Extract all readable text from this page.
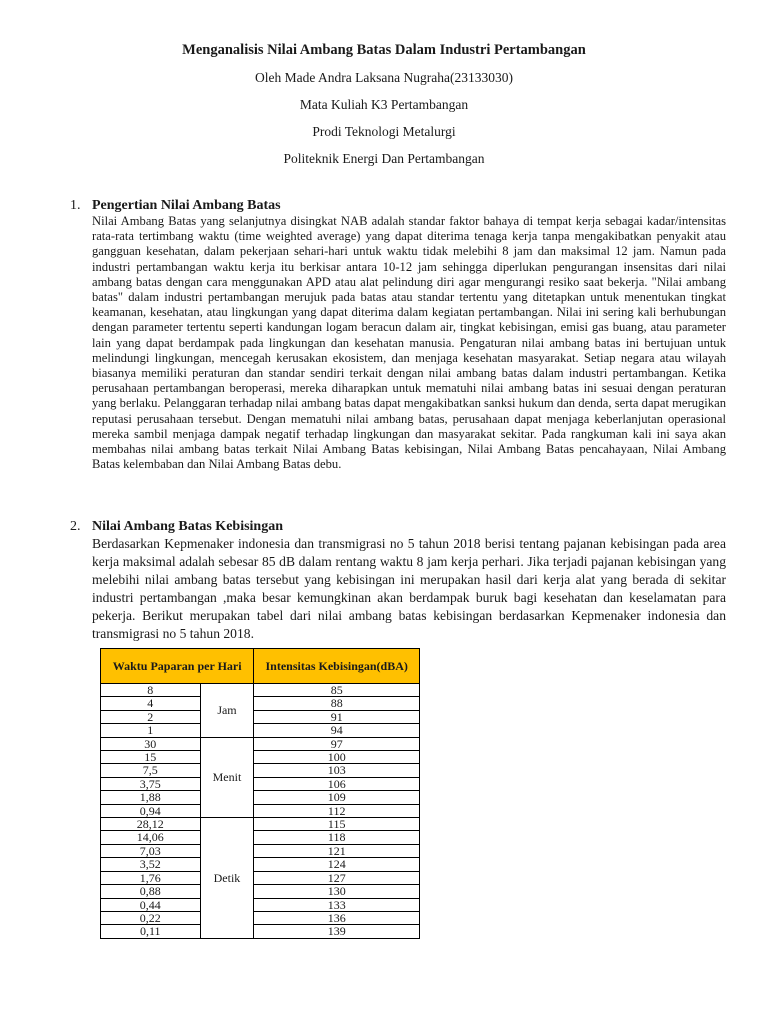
Menganalisis Nilai Ambang Batas Dalam Industri Pertambangan

Oleh Made Andra Laksana Nugraha(23133030)

Mata Kuliah K3 Pertambangan

Prodi Teknologi Metalurgi

Politeknik Energi Dan Pertambangan

1. Pengertian Nilai Ambang Batas
Nilai Ambang Batas yang selanjutnya disingkat NAB adalah standar faktor bahaya di tempat kerja sebagai kadar/intensitas rata-rata tertimbang waktu (time weighted average) yang dapat diterima tenaga kerja tanpa mengakibatkan penyakit atau gangguan kesehatan, dalam pekerjaan sehari-hari untuk waktu tidak melebihi 8 jam dan maksimal 12 jam. Namun pada industri pertambangan waktu kerja itu berkisar antara 10-12 jam sehingga diperlukan pengurangan insensitas dari nilai ambang batas dengan cara menggunakan APD atau alat pelindung diri agar mengurangi resiko saat bekerja. "Nilai ambang batas" dalam industri pertambangan merujuk pada batas atau standar tertentu yang ditetapkan untuk menentukan tingkat keamanan, kesehatan, atau lingkungan yang dapat diterima dalam kegiatan pertambangan. Nilai ini sering kali berhubungan dengan parameter tertentu seperti kandungan logam beracun dalam air, tingkat kebisingan, emisi gas buang, atau parameter lain yang dapat berdampak pada lingkungan dan kesehatan manusia. Pengaturan nilai ambang batas ini bertujuan untuk melindungi lingkungan, mencegah kerusakan ekosistem, dan menjaga kesehatan masyarakat. Setiap negara atau wilayah biasanya memiliki peraturan dan standar sendiri terkait dengan nilai ambang batas dalam industri pertambangan. Ketika perusahaan pertambangan beroperasi, mereka diharapkan untuk mematuhi nilai ambang batas ini sesuai dengan peraturan yang berlaku. Pelanggaran terhadap nilai ambang batas dapat mengakibatkan sanksi hukum dan denda, serta dapat merugikan reputasi perusahaan tersebut. Dengan mematuhi nilai ambang batas, perusahaan dapat menjaga keberlanjutan operasional mereka sambil menjaga dampak negatif terhadap lingkungan dan masyarakat sekitar. Pada rangkuman kali ini saya akan membahas nilai ambang batas terkait Nilai Ambang Batas kebisingan, Nilai Ambang Batas pencahayaan, Nilai Ambang Batas kelembaban dan Nilai Ambang Batas debu.
2. Nilai Ambang Batas Kebisingan
Berdasarkan Kepmenaker indonesia dan transmigrasi no 5 tahun 2018 berisi tentang pajanan kebisingan pada area kerja maksimal adalah sebesar 85 dB dalam rentang waktu 8 jam kerja perhari. Jika terjadi pajanan kebisingan yang melebihi nilai ambang batas tersebut yang kebisingan ini merupakan hasil dari kerja alat yang berada di sekitar industri pertambangan ,maka besar kemungkinan akan berdampak buruk bagi kesehatan dan keselamatan para pekerja. Berikut merupakan tabel dari nilai ambang batas kebisingan berdasarkan Kepmenaker indonesia dan transmigrasi no 5 tahun 2018.
Waktu Paparan per Hari		Intensitas Kebisingan(dBA)
8	Jam	85
4		88
2		91
1		94
30	Menit	97
15		100
7,5		103
3,75		106
1,88		109
0,94		112
28,12	Detik	115
14,06		118
7,03		121
3,52		124
1,76		127
0,88		130
0,44		133
0,22		136
0,11		139
